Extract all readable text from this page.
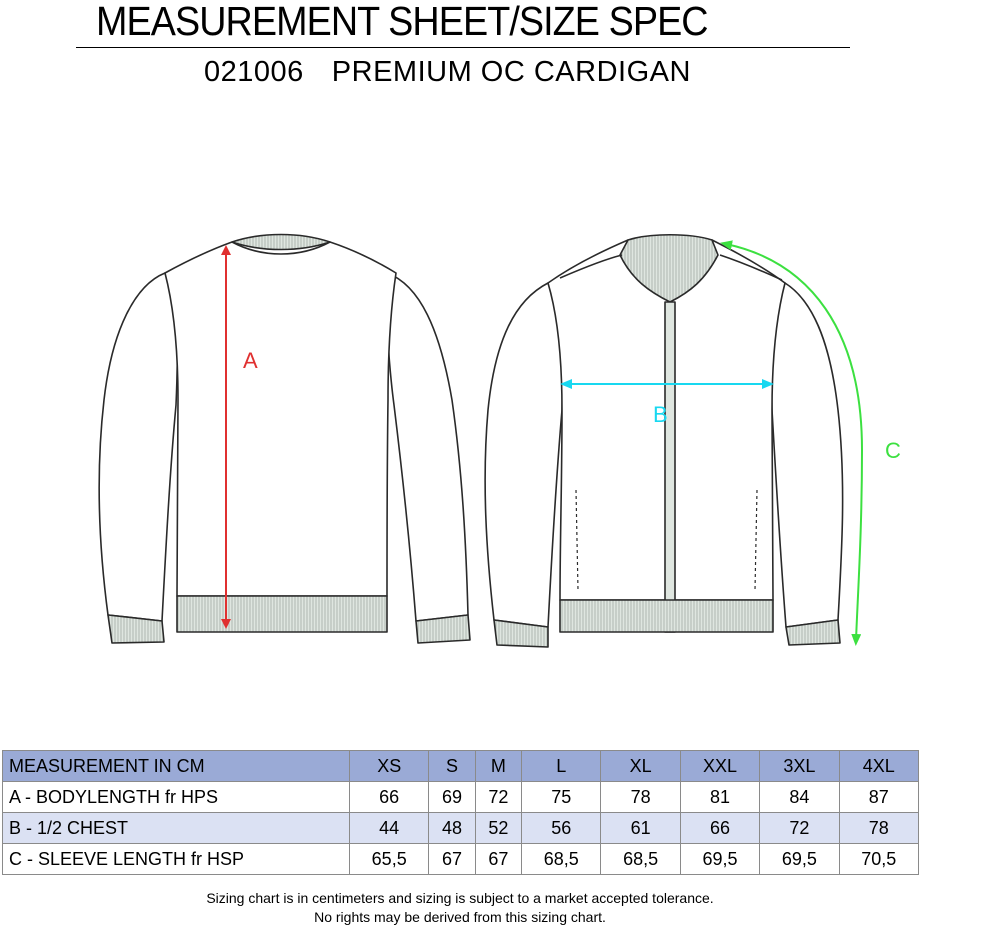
MEASUREMENT SHEET/SIZE SPEC
021006 PREMIUM OC CARDIGAN
A
B
C
MEASUREMENT IN CM	XS	S	M	L	XL	XXL	3XL	4XL
A - BODYLENGTH fr HPS	66	69	72	75	78	81	84	87
B - 1/2 CHEST	44	48	52	56	61	66	72	78
C - SLEEVE LENGTH fr HSP	65,5	67	67	68,5	68,5	69,5	69,5	70,5
Sizing chart is in centimeters and sizing is subject to a market accepted tolerance.
No rights may be derived from this sizing chart.
